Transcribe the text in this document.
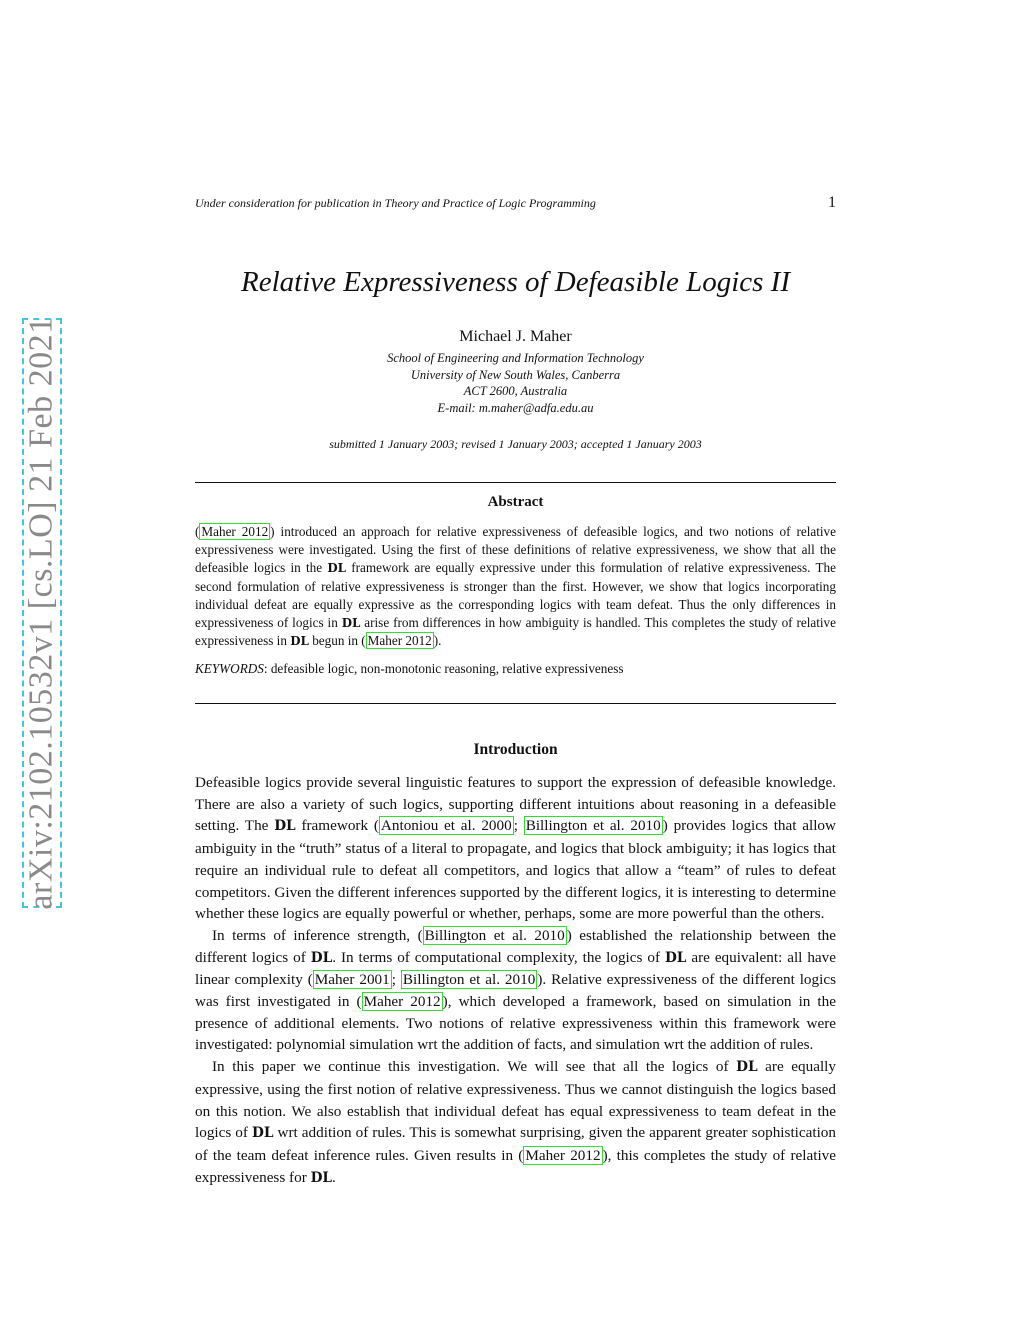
arXiv:2102.10532v1 [cs.LO] 21 Feb 2021
Under consideration for publication in Theory and Practice of Logic Programming	1
Relative Expressiveness of Defeasible Logics II
Michael J. Maher
School of Engineering and Information Technology
University of New South Wales, Canberra
ACT 2600, Australia
E-mail: m.maher@adfa.edu.au
submitted 1 January 2003; revised 1 January 2003; accepted 1 January 2003
Abstract
( Maher 2012 ) introduced an approach for relative expressiveness of defeasible logics, and two notions of relative expressiveness were investigated. Using the first of these definitions of relative expressiveness, we show that all the defeasible logics in the DL framework are equally expressive under this formulation of relative expressiveness. The second formulation of relative expressiveness is stronger than the first. However, we show that logics incorporating individual defeat are equally expressive as the corresponding logics with team defeat. Thus the only differences in expressiveness of logics in DL arise from differences in how ambiguity is handled. This completes the study of relative expressiveness in DL begun in ( Maher 2012 ).
KEYWORDS: defeasible logic, non-monotonic reasoning, relative expressiveness
Introduction

Defeasible logics provide several linguistic features to support the expression of defeasible knowledge. There are also a variety of such logics, supporting different intuitions about reasoning in a defeasible setting. The DL framework ( Antoniou et al. 2000 ; Billington et al. 2010 ) provides logics that allow ambiguity in the “truth” status of a literal to propagate, and logics that block ambiguity; it has logics that require an individual rule to defeat all competitors, and logics that allow a “team” of rules to defeat competitors. Given the different inferences supported by the different logics, it is interesting to determine whether these logics are equally powerful or whether, perhaps, some are more powerful than the others.

In terms of inference strength, ( Billington et al. 2010 ) established the relationship between the different logics of DL. In terms of computational complexity, the logics of DL are equivalent: all have linear complexity ( Maher 2001 ; Billington et al. 2010 ). Relative expressiveness of the different logics was first investigated in ( Maher 2012 ), which developed a framework, based on simulation in the presence of additional elements. Two notions of relative expressiveness within this framework were investigated: polynomial simulation wrt the addition of facts, and simulation wrt the addition of rules.

In this paper we continue this investigation. We will see that all the logics of DL are equally expressive, using the first notion of relative expressiveness. Thus we cannot distinguish the logics based on this notion. We also establish that individual defeat has equal expressiveness to team defeat in the logics of DL wrt addition of rules. This is somewhat surprising, given the apparent greater sophistication of the team defeat inference rules. Given results in ( Maher 2012 ), this completes the study of relative expressiveness for DL.
